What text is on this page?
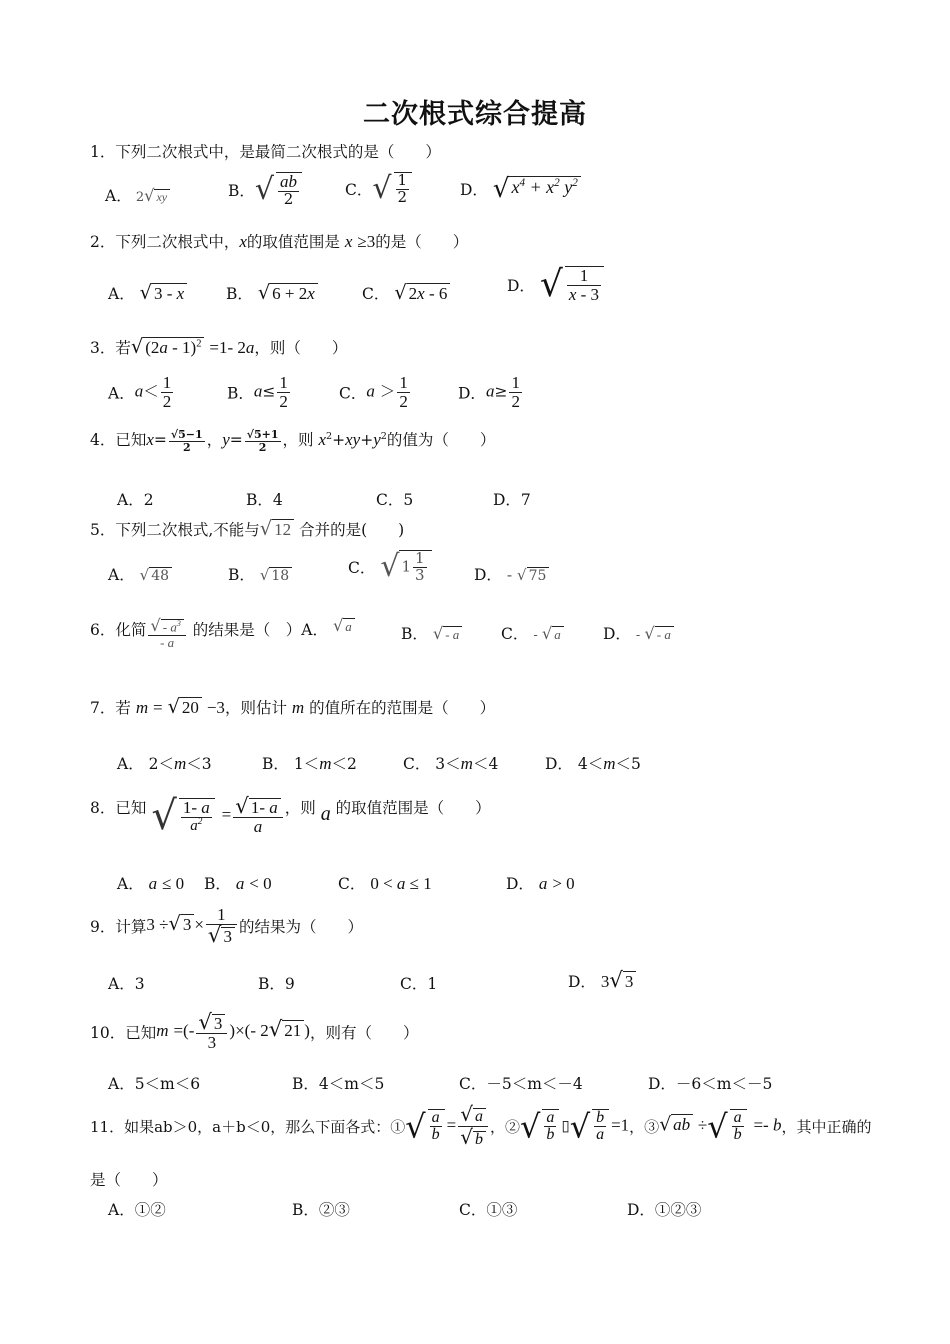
二次根式综合提高
1．下列二次根式中，是最简二次根式的是（　　）
A． 2√ xy	B．√ $\frac{ab}{2}$	C．√ $\frac{1}{2}$	D． √ $x^4 + x^2$ $y^2$
2．下列二次根式中，x的取值范围是 x ≥3的是（　　）
A． √ 3 - x	B． √ 6 + 2x	C． √ 2x - 6	D． √ $\frac{1}{x - 3}$
3．若√ (2a - 1)$^2$ =1- 2a，则（　　）
A．$a< \frac{1}{2}$	B．$a\le \frac{1}{2}$	C．$a > \frac{1}{2}$	D．$a\ge \frac{1}{2}$
4．已知$x= \frac{√5-1}{2}$ ，$y= \frac{√5+1}{2}$ ，则 $x^2+xy+y^2$的值为（　　）
A．2	B．4	C．5	D．7
5．下列二次根式,不能与√ 12 合并的是(　　)
A． √ 48	B． √ 18	C． √ $1 \frac{1}{3}$	D． - √ 75
6．化简 $\frac{√ - a^3}{- a}$ 的结果是（　）A． $^{√ a}$	B． √ - a	C． - √ a	D． - √ - a
7．若 m = √ 20 −3，则估计 m 的值所在的范围是（　　）
A． 2＜m＜3	B． 1＜m＜2	C． 3＜m＜4	D． 4＜m＜5
8．已知 √ $\frac{1- a}{a^2} = \frac{√ 1- a}{a}$ ，则 a 的取值范围是（　　）
A． a ≤ 0 B． a < 0	C． 0 < a ≤ 1	D． a > 0
9．计算3 ÷√ $3 \times \frac{1}{√ 3}$ 的结果为（　　）
A．3	B．9	C．1	D． 3√ 3
10．已知m =(- $\frac{√ 3}{3}$ )×(- 2√ 21 )，则有（　　）
A．5＜m＜6	B．4＜m＜5	C．－5＜m＜－4	D．－6＜m＜－5
11．如果ab＞0，a＋b＜0，那么下面各式：①√ $\frac{a}{b} = \frac{√ a}{√ b}$ ，②√ $\frac{a}{b}$ ▯√ $\frac{b}{a} =1$，③√ ab ÷√ $\frac{a}{b} =- b$，其中正确的
是（　　）
A．①②	B．②③	C．①③	D．①②③
